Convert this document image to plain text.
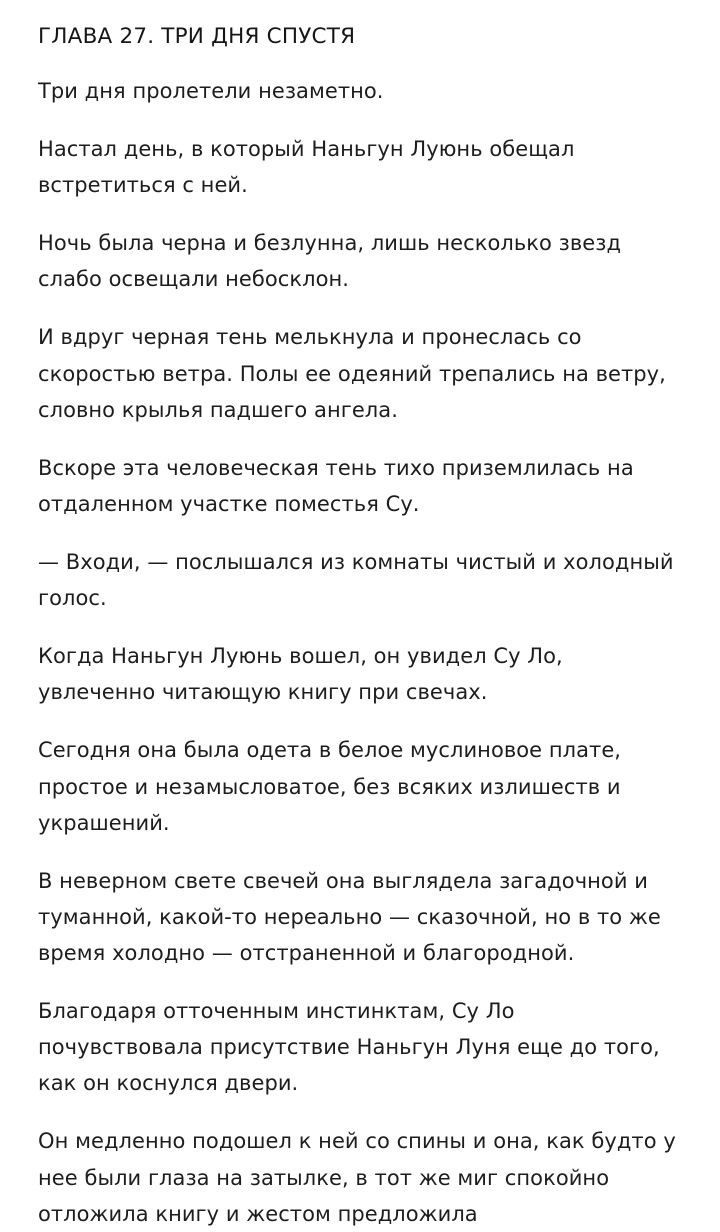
ГЛАВА 27. ТРИ ДНЯ СПУСТЯ

Три дня пролетели незаметно.

Настал день, в который Наньгун Луюнь обещал встретиться с ней.

Ночь была черна и безлунна, лишь несколько звезд слабо освещали небосклон.

И вдруг черная тень мелькнула и пронеслась со скоростью ветра. Полы ее одеяний трепались на ветру, словно крылья падшего ангела.

Вскоре эта человеческая тень тихо приземлилась на отдаленном участке поместья Су.

— Входи, — послышался из комнаты чистый и холодный голос.

Когда Наньгун Луюнь вошел, он увидел Су Ло, увлеченно читающую книгу при свечах.

Сегодня она была одета в белое муслиновое плате, простое и незамысловатое, без всяких излишеств и украшений.

В неверном свете свечей она выглядела загадочной и туманной, какой-то нереально — сказочной, но в то же время холодно — отстраненной и благородной.

Благодаря отточенным инстинктам, Су Ло почувствовала присутствие Наньгун Луня еще до того, как он коснулся двери.

Он медленно подошел к ней со спины и она, как будто у нее были глаза на затылке, в тот же миг спокойно отложила книгу и жестом предложила
